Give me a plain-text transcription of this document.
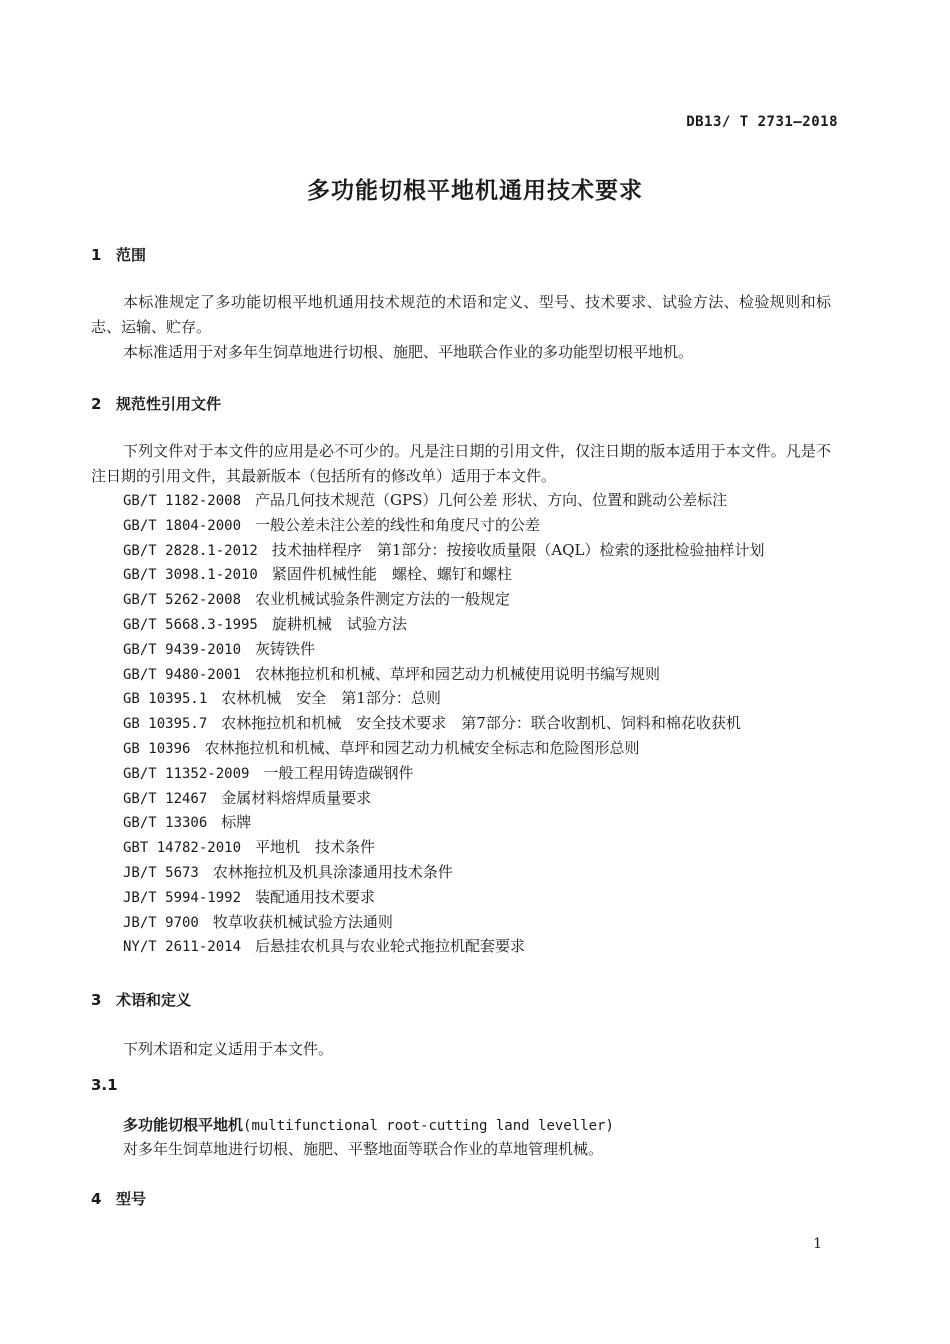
DB13/ T 2731—2018
多功能切根平地机通用技术要求
1 范围

本标准规定了多功能切根平地机通用技术规范的术语和定义、型号、技术要求、试验方法、检验规则和标志、运输、贮存。

本标准适用于对多年生饲草地进行切根、施肥、平地联合作业的多功能型切根平地机。

2 规范性引用文件

下列文件对于本文件的应用是必不可少的。凡是注日期的引用文件，仅注日期的版本适用于本文件。凡是不注日期的引用文件，其最新版本（包括所有的修改单）适用于本文件。

GB/T 1182-2008 产品几何技术规范（GPS）几何公差 形状、方向、位置和跳动公差标注
GB/T 1804-2000 一般公差未注公差的线性和角度尺寸的公差
GB/T 2828.1-2012 技术抽样程序　第1部分：按接收质量限（AQL）检索的逐批检验抽样计划
GB/T 3098.1-2010 紧固件机械性能　螺栓、螺钉和螺柱
GB/T 5262-2008 农业机械试验条件测定方法的一般规定
GB/T 5668.3-1995 旋耕机械　试验方法
GB/T 9439-2010 灰铸铁件
GB/T 9480-2001 农林拖拉机和机械、草坪和园艺动力机械使用说明书编写规则
GB 10395.1 农林机械　安全　第1部分：总则
GB 10395.7 农林拖拉机和机械　安全技术要求　第7部分：联合收割机、饲料和棉花收获机
GB 10396 农林拖拉机和机械、草坪和园艺动力机械安全标志和危险图形总则
GB/T 11352-2009 一般工程用铸造碳钢件
GB/T 12467 金属材料熔焊质量要求
GB/T 13306 标牌
GBT 14782-2010 平地机　技术条件
JB/T 5673 农林拖拉机及机具涂漆通用技术条件
JB/T 5994-1992 装配通用技术要求
JB/T 9700 牧草收获机械试验方法通则
NY/T 2611-2014 后悬挂农机具与农业轮式拖拉机配套要求
3 术语和定义

下列术语和定义适用于本文件。

3.1
多功能切根平地机(multifunctional root-cutting land leveller)
对多年生饲草地进行切根、施肥、平整地面等联合作业的草地管理机械。
4 型号
1
